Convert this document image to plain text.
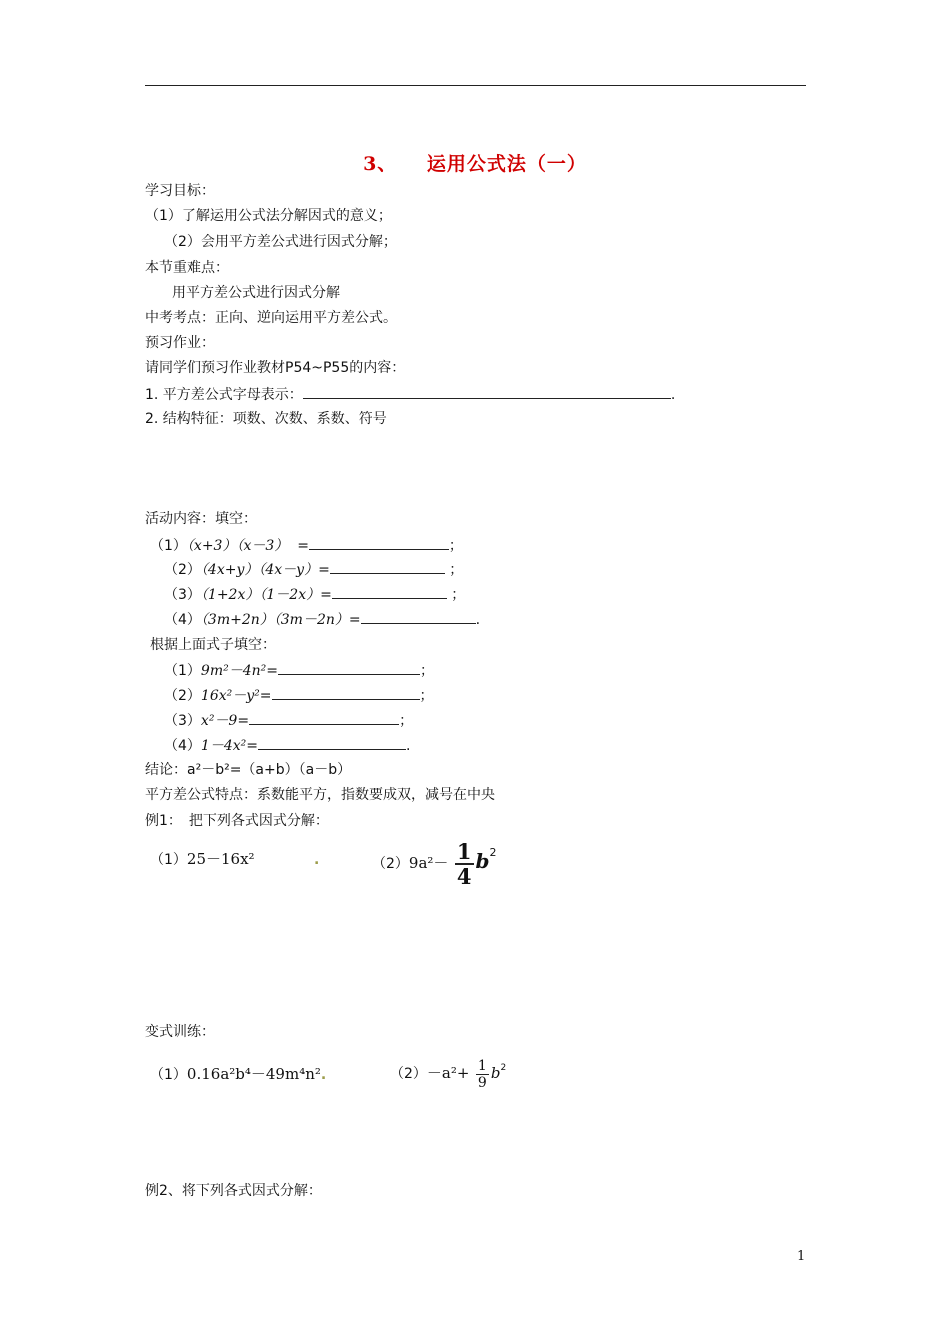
3、 运用公式法（一）
学习目标：
（1）了解运用公式法分解因式的意义；
（2）会用平方差公式进行因式分解；
本节重难点：
用平方差公式进行因式分解
中考考点：正向、逆向运用平方差公式。
预习作业：
请同学们预习作业教材P54~P55的内容：
1. 平方差公式字母表示：	.
2. 结构特征：项数、次数、系数、符号
活动内容：填空：
（1）（x+3）（x－3） =	；
（2）（4x+y）（4x－y）=	；
（3）（1+2x）（1－2x）=	；
（4）（3m+2n）（3m－2n）=	.
根据上面式子填空：
（1）9m²－4n²=	；
（2）16x²－y²=	；
（3）x²－9=	；
（4）1－4x²=	.
结论：a²－b²=（a+b）（a－b）
平方差公式特点：系数能平方，指数要成双，减号在中央
例1：　把下列各式因式分解：
（1）25－16x²	.	$(2)9a^2- \frac{1}{4} b^2$
变式训练：
（1）0.16a²b⁴－49m⁴n².	$(2)-a^2+ \frac{1}{9} b^2$
例2、将下列各式因式分解：
1
